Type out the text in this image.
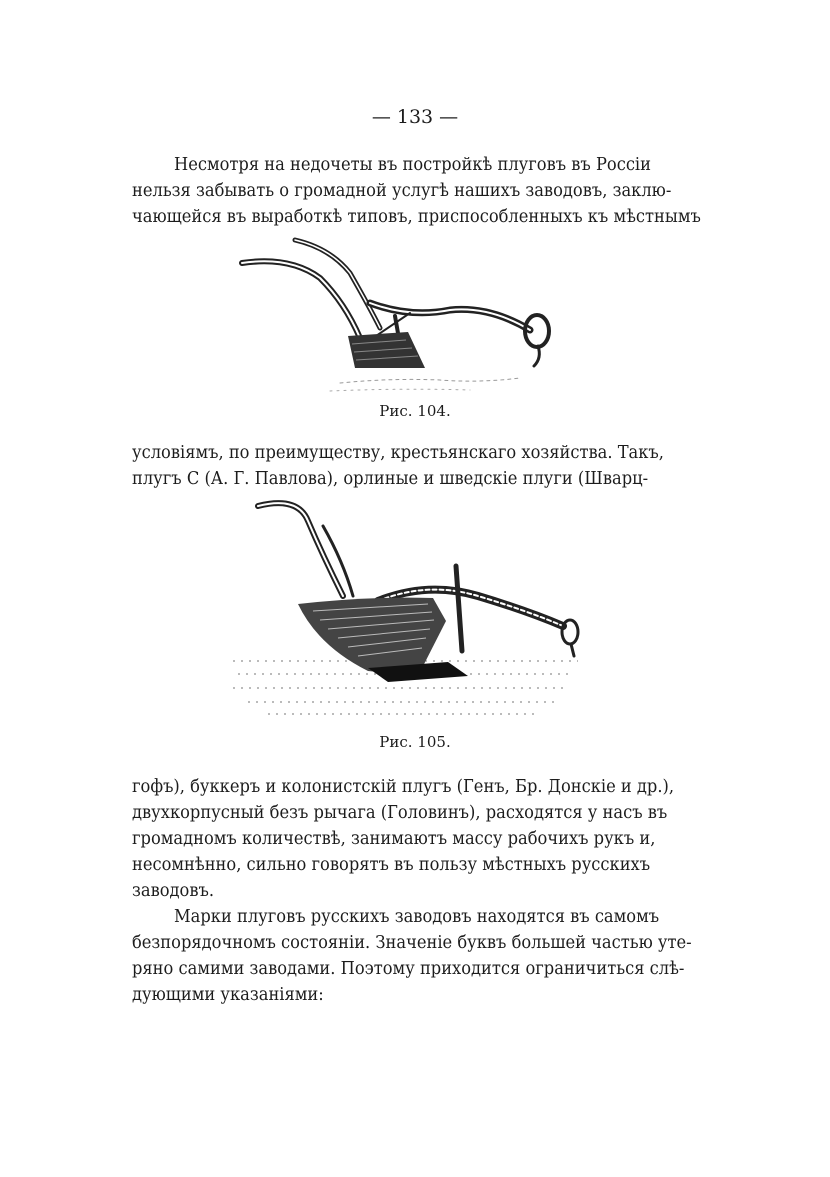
— 133 —
Несмотря на недочеты въ постройкѣ плуговъ въ Россіи
нельзя забывать о громадной услугѣ нашихъ заводовъ, заклю-
чающейся въ выработкѣ типовъ, приспособленныхъ къ мѣстнымъ
Рис. 104.
условіямъ, по преимуществу, крестьянскаго хозяйства. Такъ,
плугъ С (А. Г. Павлова), орлиные и шведскіе плуги (Шварц-
Рис. 105.
гофъ), буккеръ и колонистскій плугъ (Генъ, Бр. Донскіе и др.),
двухкорпусный безъ рычага (Головинъ), расходятся у насъ въ
громадномъ количествѣ, занимаютъ массу рабочихъ рукъ и,
несомнѣнно, сильно говорятъ въ пользу мѣстныхъ русскихъ
заводовъ.
Марки плуговъ русскихъ заводовъ находятся въ самомъ
безпорядочномъ состояніи. Значеніе буквъ большей частью уте-
ряно самими заводами. Поэтому приходится ограничиться слѣ-
дующими указаніями:
